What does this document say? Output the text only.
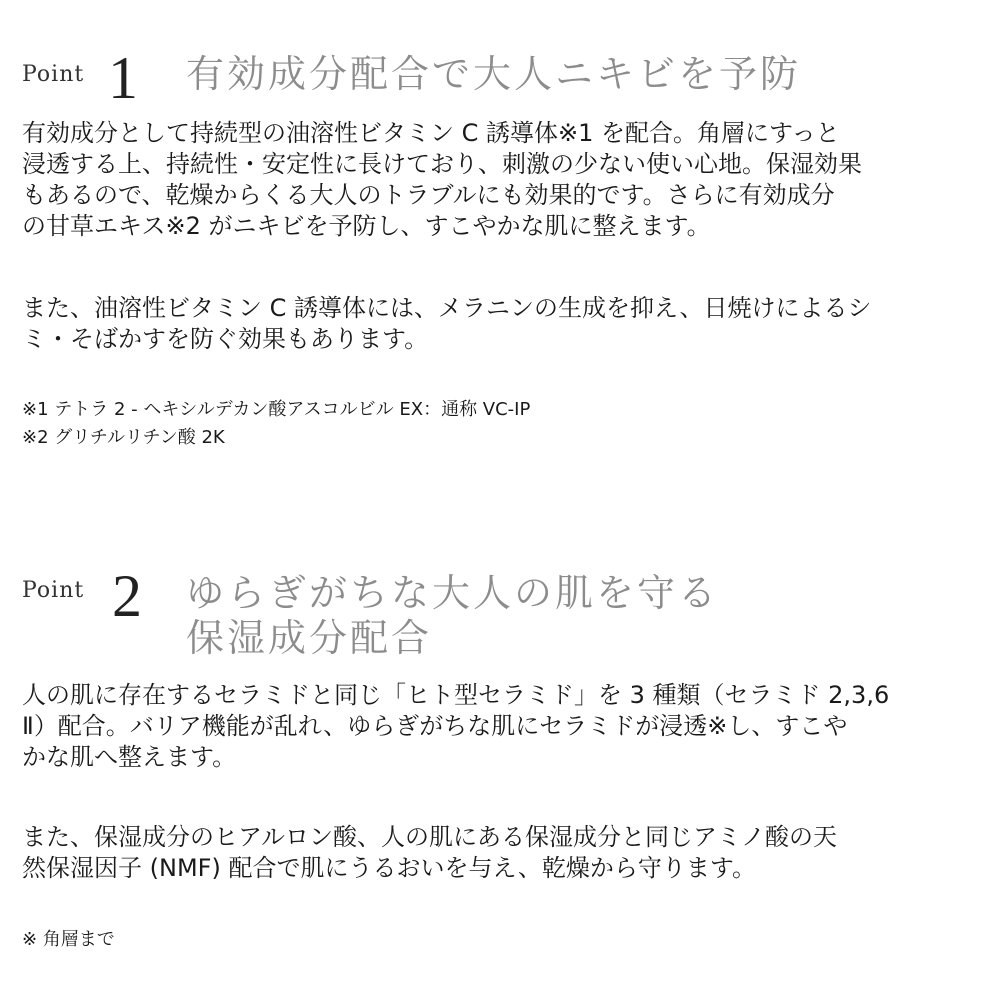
Point 1 有効成分配合で大人ニキビを予防
有効成分として持続型の油溶性ビタミン C 誘導体※1 を配合。角層にすっと
浸透する上、持続性・安定性に長けており、刺激の少ない使い心地。保湿効果
もあるので、乾燥からくる大人のトラブルにも効果的です。さらに有効成分
の甘草エキス※2 がニキビを予防し、すこやかな肌に整えます。
また、油溶性ビタミン C 誘導体には、メラニンの生成を抑え、日焼けによるシ
ミ・そばかすを防ぐ効果もあります。
※1 テトラ 2 - ヘキシルデカン酸アスコルビル EX：通称 VC-IP
※2 グリチルリチン酸 2K
Point 2 ゆらぎがちな大人の肌を守る
保湿成分配合
人の肌に存在するセラミドと同じ「ヒト型セラミド」を 3 種類（セラミド 2,3,6
Ⅱ）配合。バリア機能が乱れ、ゆらぎがちな肌にセラミドが浸透※し、すこや
かな肌へ整えます。
また、保湿成分のヒアルロン酸、人の肌にある保湿成分と同じアミノ酸の天
然保湿因子 (NMF) 配合で肌にうるおいを与え、乾燥から守ります。
※ 角層まで
